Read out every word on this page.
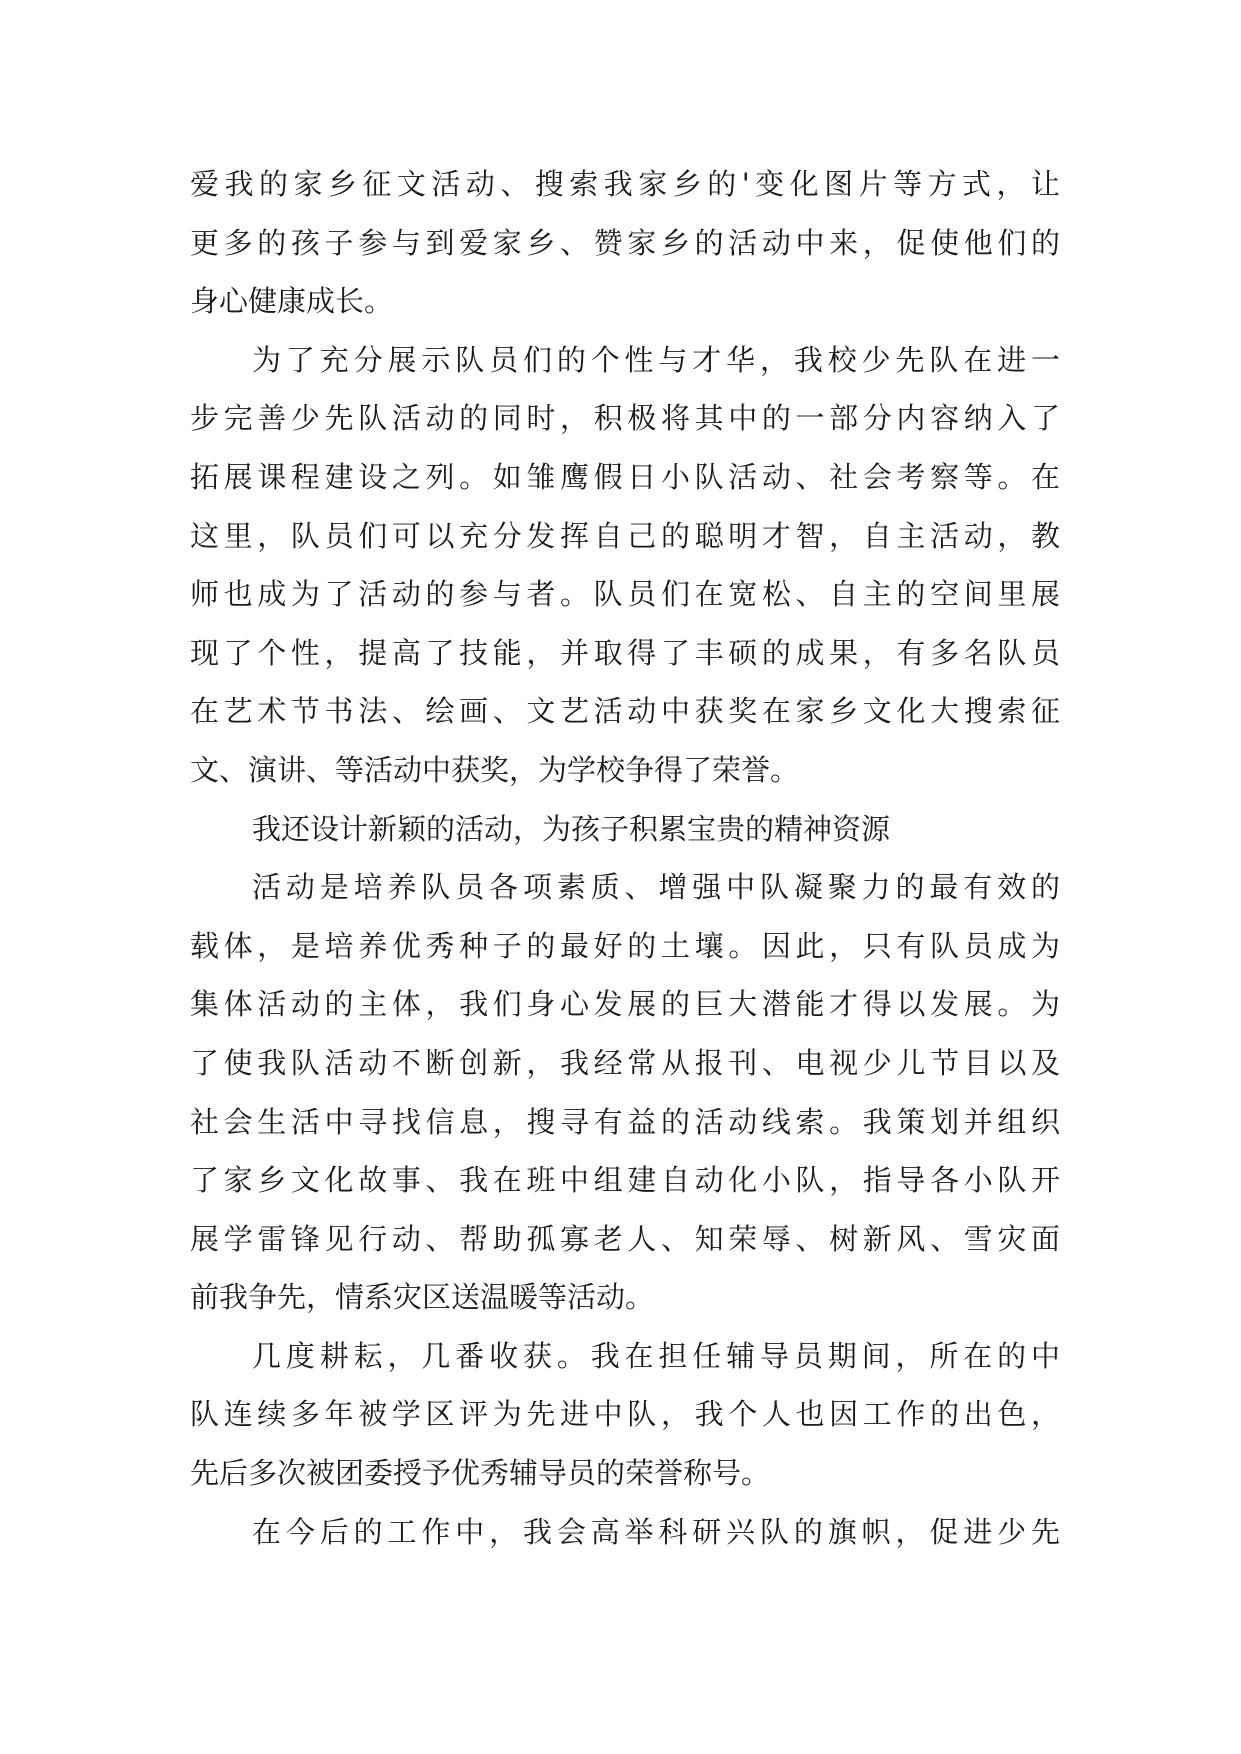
爱我的家乡征文活动、搜索我家乡的'变化图片等方式，让
更多的孩子参与到爱家乡、赞家乡的活动中来，促使他们的
身心健康成长。
为了充分展示队员们的个性与才华，我校少先队在进一
步完善少先队活动的同时，积极将其中的一部分内容纳入了
拓展课程建设之列。如雏鹰假日小队活动、社会考察等。在
这里，队员们可以充分发挥自己的聪明才智，自主活动，教
师也成为了活动的参与者。队员们在宽松、自主的空间里展
现了个性，提高了技能，并取得了丰硕的成果，有多名队员
在艺术节书法、绘画、文艺活动中获奖在家乡文化大搜索征
文、演讲、等活动中获奖，为学校争得了荣誉。
我还设计新颖的活动，为孩子积累宝贵的精神资源
活动是培养队员各项素质、增强中队凝聚力的最有效的
载体，是培养优秀种子的最好的土壤。因此，只有队员成为
集体活动的主体，我们身心发展的巨大潜能才得以发展。为
了使我队活动不断创新，我经常从报刊、电视少儿节目以及
社会生活中寻找信息，搜寻有益的活动线索。我策划并组织
了家乡文化故事、我在班中组建自动化小队，指导各小队开
展学雷锋见行动、帮助孤寡老人、知荣辱、树新风、雪灾面
前我争先，情系灾区送温暖等活动。
几度耕耘，几番收获。我在担任辅导员期间，所在的中
队连续多年被学区评为先进中队，我个人也因工作的出色，
先后多次被团委授予优秀辅导员的荣誉称号。
在今后的工作中，我会高举科研兴队的旗帜，促进少先
